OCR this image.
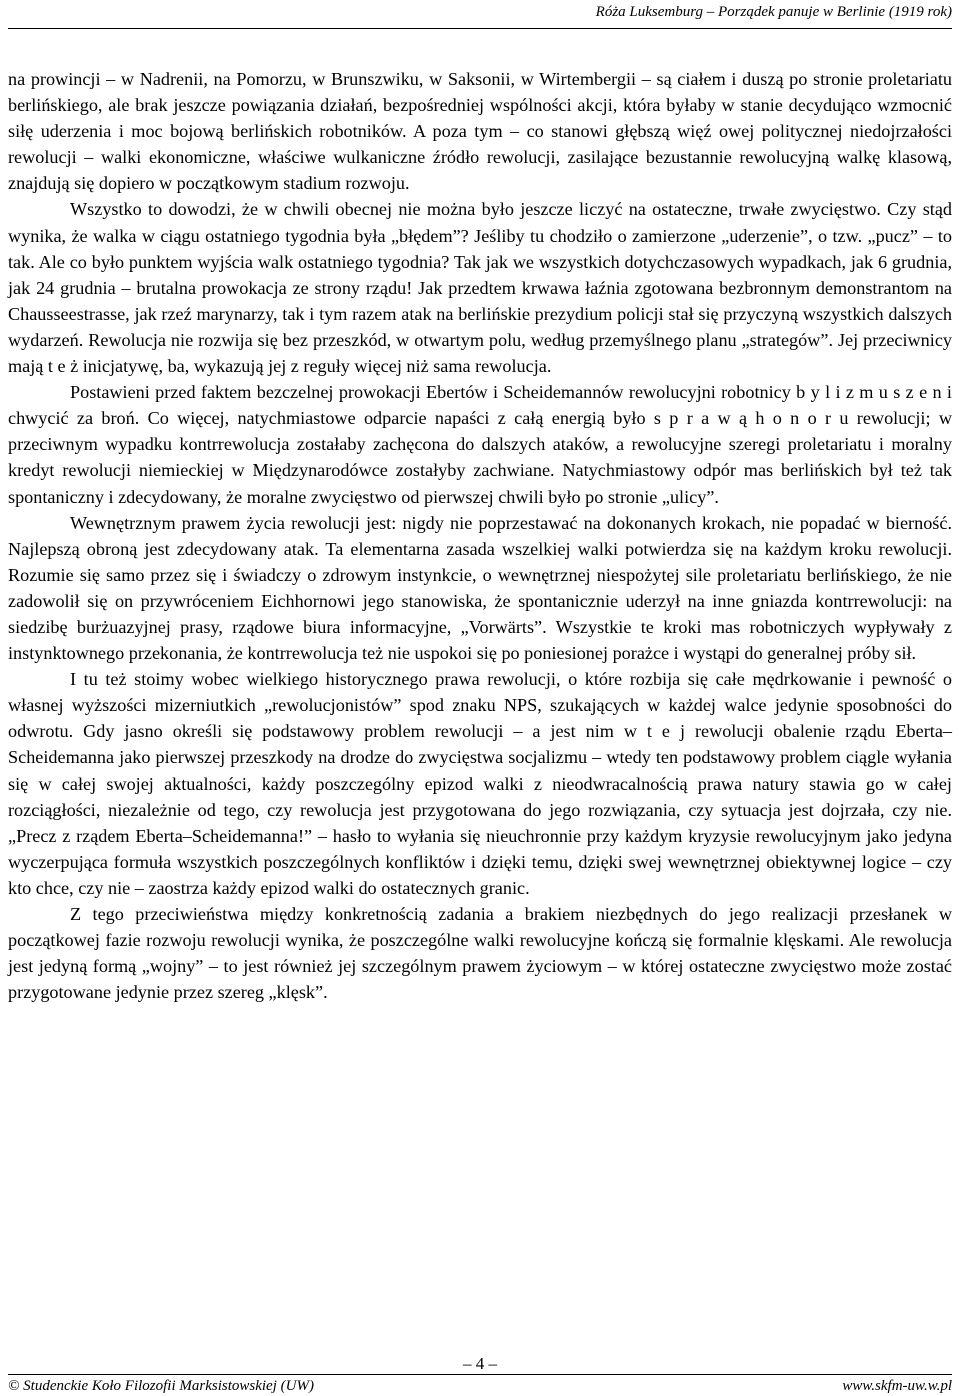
Róża Luksemburg – Porządek panuje w Berlinie (1919 rok)

na prowincji – w Nadrenii, na Pomorzu, w Brunszwiku, w Saksonii, w Wirtembergii – są ciałem i duszą po stronie proletariatu berlińskiego, ale brak jeszcze powiązania działań, bezpośredniej wspólności akcji, która byłaby w stanie decydująco wzmocnić siłę uderzenia i moc bojową berlińskich robotników. A poza tym – co stanowi głębszą więź owej politycznej niedojrzałości rewolucji – walki ekonomiczne, właściwe wulkaniczne źródło rewolucji, zasilające bezustannie rewolucyjną walkę klasową, znajdują się dopiero w początkowym stadium rozwoju.

Wszystko to dowodzi, że w chwili obecnej nie można było jeszcze liczyć na ostateczne, trwałe zwycięstwo. Czy stąd wynika, że walka w ciągu ostatniego tygodnia była „błędem”? Jeśliby tu chodziło o zamierzone „uderzenie”, o tzw. „pucz” – to tak. Ale co było punktem wyjścia walk ostatniego tygodnia? Tak jak we wszystkich dotychczasowych wypadkach, jak 6 grudnia, jak 24 grudnia – brutalna prowokacja ze strony rządu! Jak przedtem krwawa łaźnia zgotowana bezbronnym demonstrantom na Chausseestrasse, jak rzeź marynarzy, tak i tym razem atak na berlińskie prezydium policji stał się przyczyną wszystkich dalszych wydarzeń. Rewolucja nie rozwija się bez przeszkód, w otwartym polu, według przemyślnego planu „strategów”. Jej przeciwnicy mają t e ż inicjatywę, ba, wykazują jej z reguły więcej niż sama rewolucja.

Postawieni przed faktem bezczelnej prowokacji Ebertów i Scheidemannów rewolucyjni robotnicy b y l i z m u s z e n i chwycić za broń. Co więcej, natychmiastowe odparcie napaści z całą energią było s p r a w ą h o n o r u rewolucji; w przeciwnym wypadku kontrrewolucja zostałaby zachęcona do dalszych ataków, a rewolucyjne szeregi proletariatu i moralny kredyt rewolucji niemieckiej w Międzynarodówce zostałyby zachwiane. Natychmiastowy odpór mas berlińskich był też tak spontaniczny i zdecydowany, że moralne zwycięstwo od pierwszej chwili było po stronie „ulicy”.

Wewnętrznym prawem życia rewolucji jest: nigdy nie poprzestawać na dokonanych krokach, nie popadać w bierność. Najlepszą obroną jest zdecydowany atak. Ta elementarna zasada wszelkiej walki potwierdza się na każdym kroku rewolucji. Rozumie się samo przez się i świadczy o zdrowym instynkcie, o wewnętrznej niespożytej sile proletariatu berlińskiego, że nie zadowolił się on przywróceniem Eichhornowi jego stanowiska, że spontanicznie uderzył na inne gniazda kontrrewolucji: na siedzibę burżuazyjnej prasy, rządowe biura informacyjne, „Vorwärts”. Wszystkie te kroki mas robotniczych wypływały z instynktownego przekonania, że kontrrewolucja też nie uspokoi się po poniesionej porażce i wystąpi do generalnej próby sił.

I tu też stoimy wobec wielkiego historycznego prawa rewolucji, o które rozbija się całe mędrkowanie i pewność o własnej wyższości mizerniutkich „rewolucjonistów” spod znaku NPS, szukających w każdej walce jedynie sposobności do odwrotu. Gdy jasno określi się podstawowy problem rewolucji – a jest nim w t e j rewolucji obalenie rządu Eberta–Scheidemanna jako pierwszej przeszkody na drodze do zwycięstwa socjalizmu – wtedy ten podstawowy problem ciągle wyłania się w całej swojej aktualności, każdy poszczególny epizod walki z nieodwracalnością prawa natury stawia go w całej rozciągłości, niezależnie od tego, czy rewolucja jest przygotowana do jego rozwiązania, czy sytuacja jest dojrzała, czy nie. „Precz z rządem Eberta–Scheidemanna!” – hasło to wyłania się nieuchronnie przy każdym kryzysie rewolucyjnym jako jedyna wyczerpująca formuła wszystkich poszczególnych konfliktów i dzięki temu, dzięki swej wewnętrznej obiektywnej logice – czy kto chce, czy nie – zaostrza każdy epizod walki do ostatecznych granic.

Z tego przeciwieństwa między konkretnością zadania a brakiem niezbędnych do jego realizacji przesłanek w początkowej fazie rozwoju rewolucji wynika, że poszczególne walki rewolucyjne kończą się formalnie klęskami. Ale rewolucja jest jedyną formą „wojny” – to jest również jej szczególnym prawem życiowym – w której ostateczne zwycięstwo może zostać przygotowane jedynie przez szereg „klęsk”.

– 4 –
© Studenckie Koło Filozofii Marksistowskiej (UW)	www.skfm-uw.w.pl
